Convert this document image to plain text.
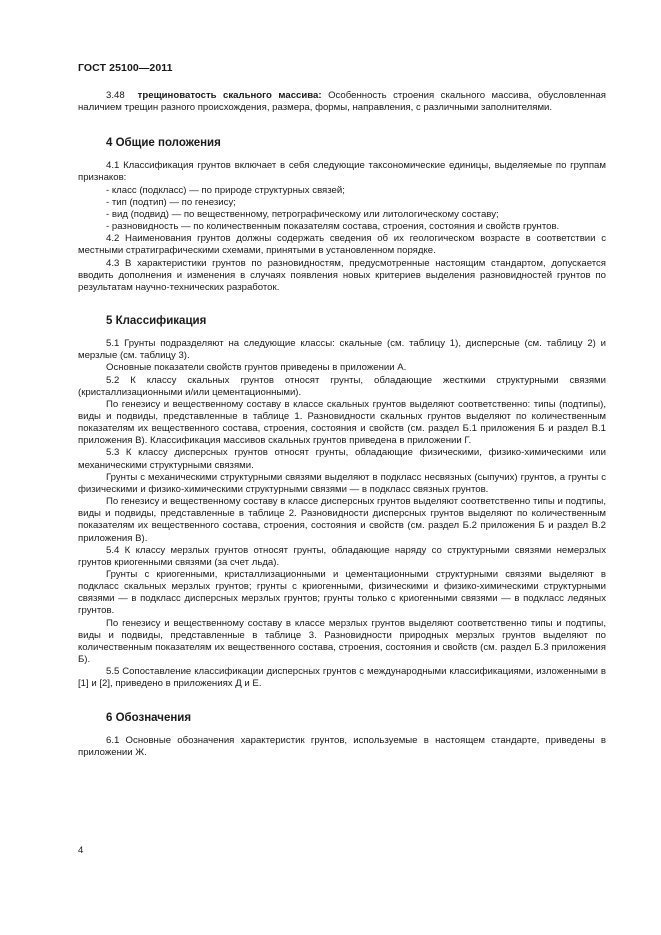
ГОСТ 25100—2011

3.48 трещиноватость скального массива: Особенность строения скального массива, обусловленная наличием трещин разного происхождения, размера, формы, направления, с различными заполнителями.

4 Общие положения

4.1 Классификация грунтов включает в себя следующие таксономические единицы, выделяемые по группам признаков:

- класс (подкласс) — по природе структурных связей;

- тип (подтип) — по генезису;

- вид (подвид) — по вещественному, петрографическому или литологическому составу;

- разновидность — по количественным показателям состава, строения, состояния и свойств грунтов.

4.2 Наименования грунтов должны содержать сведения об их геологическом возрасте в соответствии с местными стратиграфическими схемами, принятыми в установленном порядке.

4.3 В характеристики грунтов по разновидностям, предусмотренные настоящим стандартом, допускается вводить дополнения и изменения в случаях появления новых критериев выделения разновидностей грунтов по результатам научно-технических разработок.

5 Классификация

5.1 Грунты подразделяют на следующие классы: скальные (см. таблицу 1), дисперсные (см. таблицу 2) и мерзлые (см. таблицу 3).

Основные показатели свойств грунтов приведены в приложении А.

5.2 К классу скальных грунтов относят грунты, обладающие жесткими структурными связями (кристаллизационными и/или цементационными).

По генезису и вещественному составу в классе скальных грунтов выделяют соответственно: типы (подтипы), виды и подвиды, представленные в таблице 1. Разновидности скальных грунтов выделяют по количественным показателям их вещественного состава, строения, состояния и свойств (см. раздел Б.1 приложения Б и раздел В.1 приложения В). Классификация массивов скальных грунтов приведена в приложении Г.

5.3 К классу дисперсных грунтов относят грунты, обладающие физическими, физико-химическими или механическими структурными связями.

Грунты с механическими структурными связями выделяют в подкласс несвязных (сыпучих) грунтов, а грунты с физическими и физико-химическими структурными связями — в подкласс связных грунтов.

По генезису и вещественному составу в классе дисперсных грунтов выделяют соответственно типы и подтипы, виды и подвиды, представленные в таблице 2. Разновидности дисперсных грунтов выделяют по количественным показателям их вещественного состава, строения, состояния и свойств (см. раздел Б.2 приложения Б и раздел В.2 приложения В).

5.4 К классу мерзлых грунтов относят грунты, обладающие наряду со структурными связями немерзлых грунтов криогенными связями (за счет льда).

Грунты с криогенными, кристаллизационными и цементационными структурными связями выделяют в подкласс скальных мерзлых грунтов; грунты с криогенными, физическими и физико-химическими структурными связями — в подкласс дисперсных мерзлых грунтов; грунты только с криогенными связями — в подкласс ледяных грунтов.

По генезису и вещественному составу в классе мерзлых грунтов выделяют соответственно типы и подтипы, виды и подвиды, представленные в таблице 3. Разновидности природных мерзлых грунтов выделяют по количественным показателям их вещественного состава, строения, состояния и свойств (см. раздел Б.3 приложения Б).

5.5 Сопоставление классификации дисперсных грунтов с международными классификациями, изложенными в [1] и [2], приведено в приложениях Д и Е.

6 Обозначения

6.1 Основные обозначения характеристик грунтов, используемые в настоящем стандарте, приведены в приложении Ж.

4
